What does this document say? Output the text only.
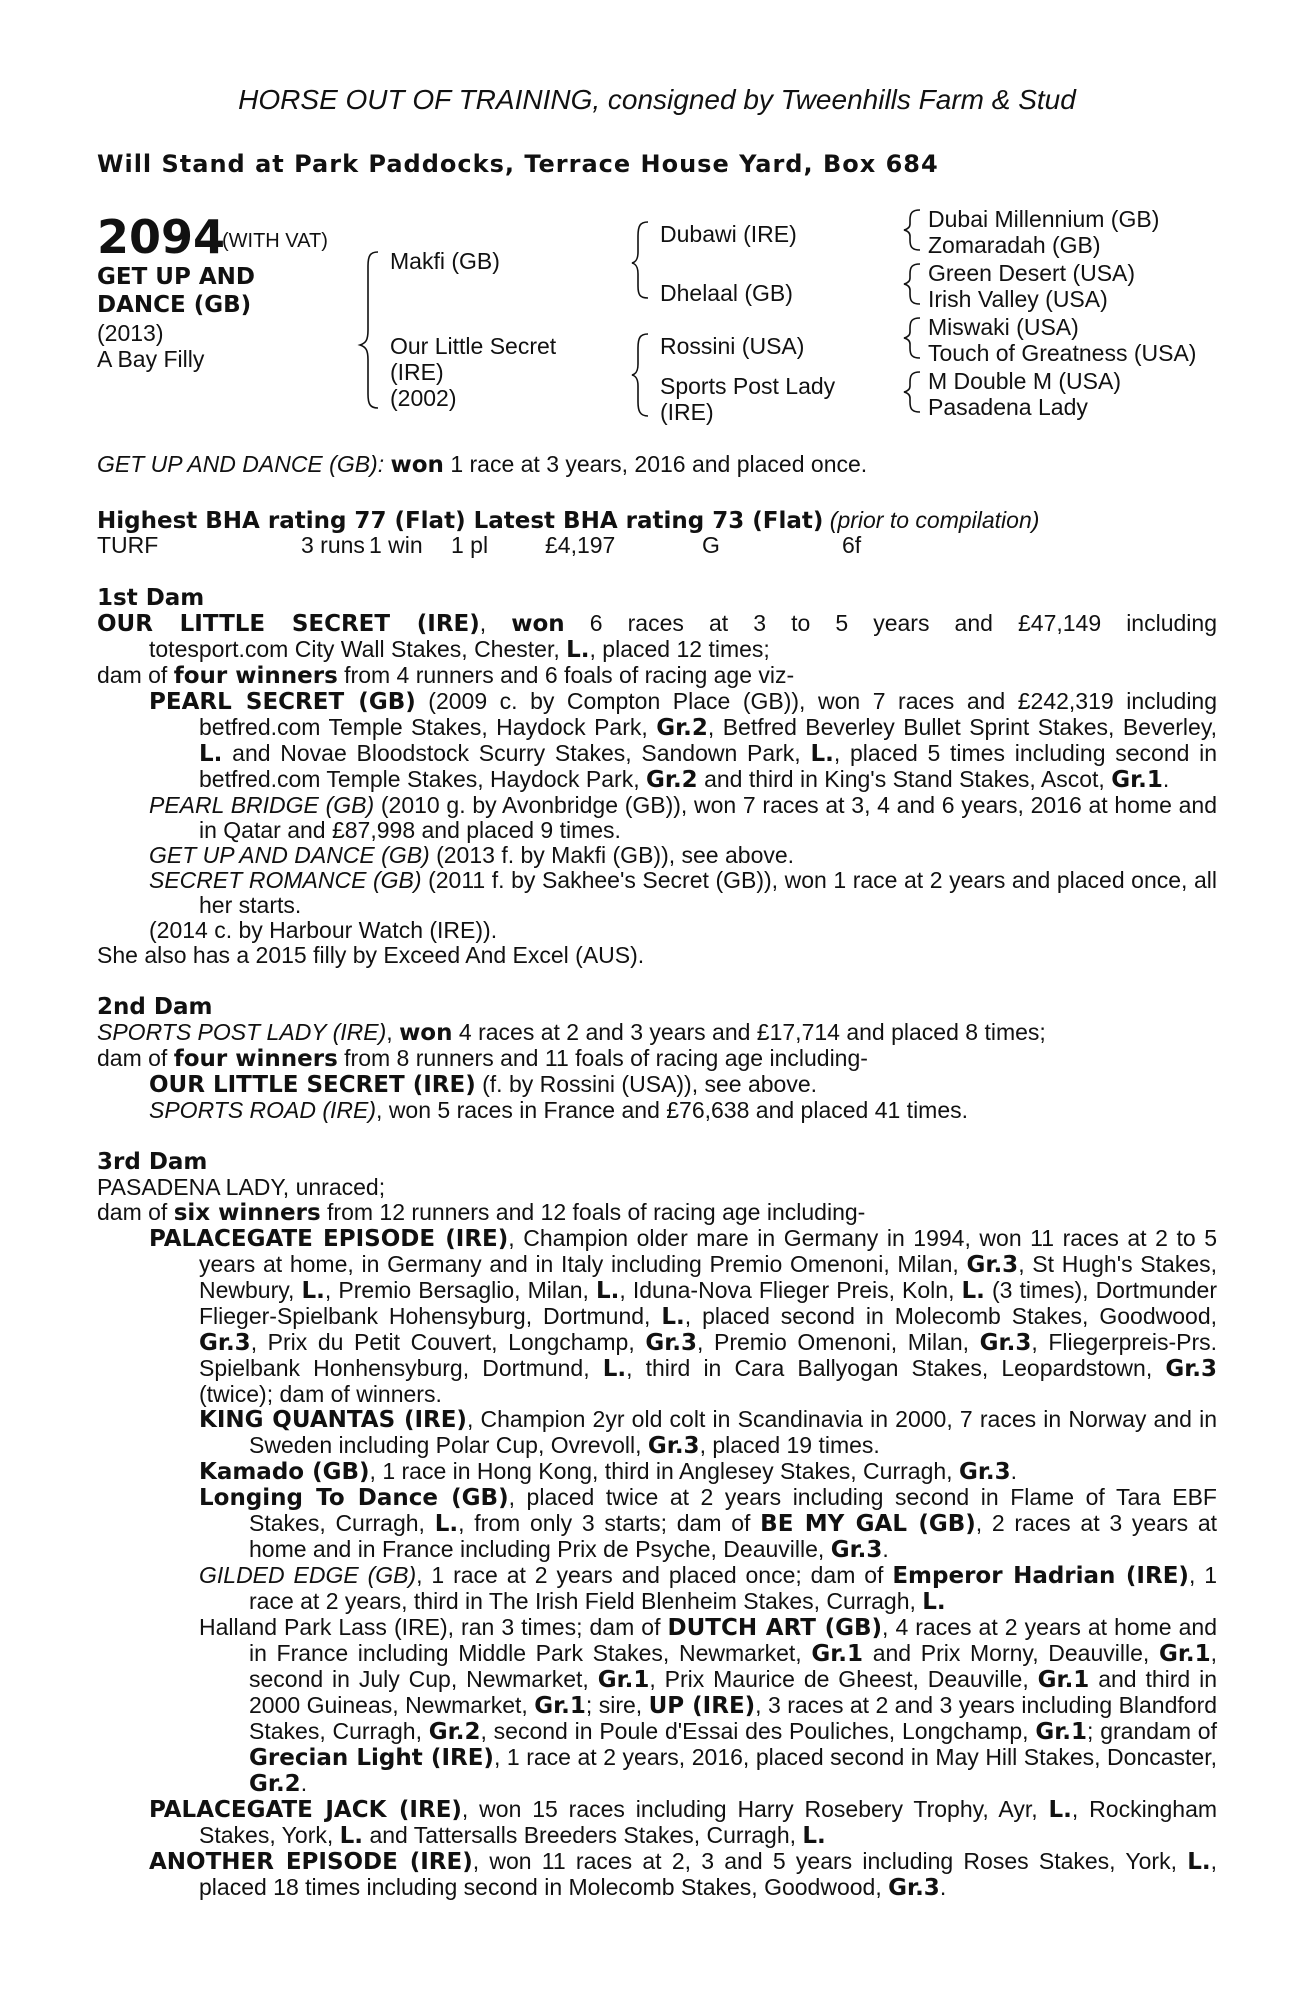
HORSE OUT OF TRAINING, consigned by Tweenhills Farm & Stud
Will Stand at Park Paddocks, Terrace House Yard, Box 684
2094
(WITH VAT)
GET UP AND
DANCE (GB)
(2013)
A Bay Filly
Makfi (GB)
Our Little Secret
(IRE)
(2002)
Dubawi (IRE)
Dhelaal (GB)
Rossini (USA)
Sports Post Lady
(IRE)
Dubai Millennium (GB)
Zomaradah (GB)
Green Desert (USA)
Irish Valley (USA)
Miswaki (USA)
Touch of Greatness (USA)
M Double M (USA)
Pasadena Lady
GET UP AND DANCE (GB): won 1 race at 3 years, 2016 and placed once.
Highest BHA rating 77 (Flat) Latest BHA rating 73 (Flat) (prior to compilation)
TURF	3 runs 1 win 1 pl £4,197	G	6f

1st Dam

OUR LITTLE SECRET (IRE), won 6 races at 3 to 5 years and £47,149 including

totesport.com City Wall Stakes, Chester, L., placed 12 times;

dam of four winners from 4 runners and 6 foals of racing age viz-

PEARL SECRET (GB) (2009 c. by Compton Place (GB)), won 7 races and £242,319 including betfred.com Temple Stakes, Haydock Park, Gr.2, Betfred Beverley Bullet Sprint Stakes, Beverley, L. and Novae Bloodstock Scurry Stakes, Sandown Park, L., placed 5 times including second in betfred.com Temple Stakes, Haydock Park, Gr.2 and third in King's Stand Stakes, Ascot, Gr.1.

PEARL BRIDGE (GB) (2010 g. by Avonbridge (GB)), won 7 races at 3, 4 and 6 years, 2016 at home and in Qatar and £87,998 and placed 9 times.

GET UP AND DANCE (GB) (2013 f. by Makfi (GB)), see above.

SECRET ROMANCE (GB) (2011 f. by Sakhee's Secret (GB)), won 1 race at 2 years and placed once, all her starts.

(2014 c. by Harbour Watch (IRE)).

She also has a 2015 filly by Exceed And Excel (AUS).

2nd Dam

SPORTS POST LADY (IRE), won 4 races at 2 and 3 years and £17,714 and placed 8 times;

dam of four winners from 8 runners and 11 foals of racing age including-

OUR LITTLE SECRET (IRE) (f. by Rossini (USA)), see above.

SPORTS ROAD (IRE), won 5 races in France and £76,638 and placed 41 times.

3rd Dam

PASADENA LADY, unraced;

dam of six winners from 12 runners and 12 foals of racing age including-

PALACEGATE EPISODE (IRE), Champion older mare in Germany in 1994, won 11 races at 2 to 5 years at home, in Germany and in Italy including Premio Omenoni, Milan, Gr.3, St Hugh's Stakes, Newbury, L., Premio Bersaglio, Milan, L., Iduna-Nova Flieger Preis, Koln, L. (3 times), Dortmunder Flieger-Spielbank Hohensyburg, Dortmund, L., placed second in Molecomb Stakes, Goodwood, Gr.3, Prix du Petit Couvert, Longchamp, Gr.3, Premio Omenoni, Milan, Gr.3, Fliegerpreis-Prs. Spielbank Honhensyburg, Dortmund, L., third in Cara Ballyogan Stakes, Leopardstown, Gr.3 (twice); dam of winners.

KING QUANTAS (IRE), Champion 2yr old colt in Scandinavia in 2000, 7 races in Norway and in Sweden including Polar Cup, Ovrevoll, Gr.3, placed 19 times.

Kamado (GB), 1 race in Hong Kong, third in Anglesey Stakes, Curragh, Gr.3.

Longing To Dance (GB), placed twice at 2 years including second in Flame of Tara EBF Stakes, Curragh, L., from only 3 starts; dam of BE MY GAL (GB), 2 races at 3 years at home and in France including Prix de Psyche, Deauville, Gr.3.

GILDED EDGE (GB), 1 race at 2 years and placed once; dam of Emperor Hadrian (IRE), 1 race at 2 years, third in The Irish Field Blenheim Stakes, Curragh, L.

Halland Park Lass (IRE), ran 3 times; dam of DUTCH ART (GB), 4 races at 2 years at home and in France including Middle Park Stakes, Newmarket, Gr.1 and Prix Morny, Deauville, Gr.1, second in July Cup, Newmarket, Gr.1, Prix Maurice de Gheest, Deauville, Gr.1 and third in 2000 Guineas, Newmarket, Gr.1; sire, UP (IRE), 3 races at 2 and 3 years including Blandford Stakes, Curragh, Gr.2, second in Poule d'Essai des Pouliches, Longchamp, Gr.1; grandam of Grecian Light (IRE), 1 race at 2 years, 2016, placed second in May Hill Stakes, Doncaster, Gr.2.

PALACEGATE JACK (IRE), won 15 races including Harry Rosebery Trophy, Ayr, L., Rockingham Stakes, York, L. and Tattersalls Breeders Stakes, Curragh, L.

ANOTHER EPISODE (IRE), won 11 races at 2, 3 and 5 years including Roses Stakes, York, L., placed 18 times including second in Molecomb Stakes, Goodwood, Gr.3.
